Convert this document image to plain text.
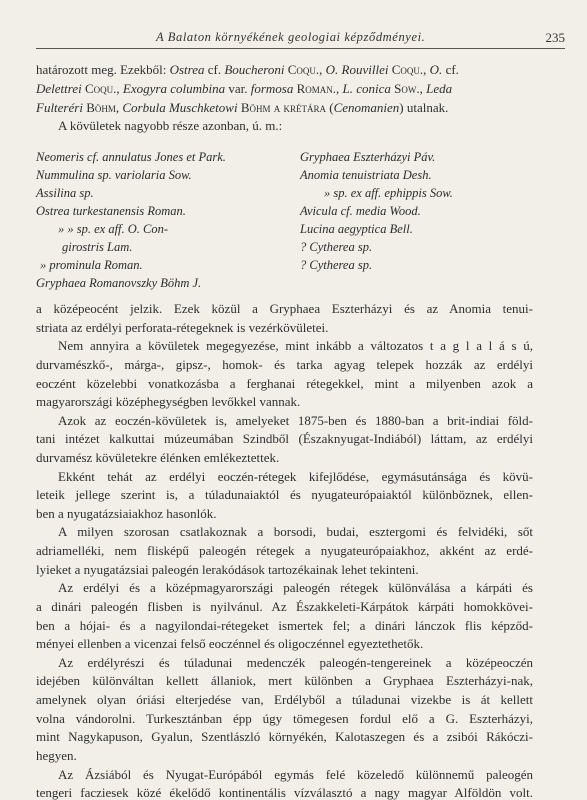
A Balaton környékének geologiai képződményei.	235
határozott meg. Ezekből: Ostrea cf. Boucheroni Coqu., O. Rouvillei Coqu., O. cf.
Delettrei Coqu., Exogyra columbina var. formosa Roman., L. conica Sow., Leda
Fulteréri Böhm, Corbula Muschketowi Böhm a krétára (Cenomanien) utalnak.
A kövületek nagyobb része azonban, ú. m.:
Neomeris cf. annulatus Jones et Park.
Nummulina sp. variolaria Sow.
Assilina sp.
Ostrea turkestanensis Roman.
» » sp. ex aff. O. Con-
girostris Lam.
» prominula Roman.
Gryphaea Romanovszky Böhm J.
Gryphaea Eszterházyi Páv.
Anomia tenuistriata Desh.
» sp. ex aff. ephippis Sow.
Avicula cf. media Wood.
Lucina aegyptica Bell.
? Cytherea sp.
? Cytherea sp.
a középeocént jelzik. Ezek közül a Gryphaea Eszterházyi és az Anomia tenui-
striata az erdélyi perforata-rétegeknek is vezérkövületei.
Nem annyira a kövületek megegyezése, mint inkább a változatos t a g l a l á s ú,
durvamészkő-, márga-, gipsz-, homok- és tarka agyag telepek hozzák az erdélyi
eoczént közelebbi vonatkozásba a ferghanai rétegekkel, mint a milyenben azok a
magyarországi középhegységben levőkkel vannak.
Azok az eoczén-kövületek is, amelyeket 1875-ben és 1880-ban a brit-indiai föld-
tani intézet kalkuttai múzeumában Szindből (Északnyugat-Indiából) láttam, az erdélyi
durvamész kövületekre élénken emlékeztettek.
Ekként tehát az erdélyi eoczén-rétegek kifejlődése, egymásutánsága és kövü-
leteik jellege szerint is, a túladunaiaktól és nyugateurópaiaktól különböznek, ellen-
ben a nyugatázsiaiakhoz hasonlók.
A milyen szorosan csatlakoznak a borsodi, budai, esztergomi és felvidéki, sőt
adriamelléki, nem flisképű paleogén rétegek a nyugateurópaiakhoz, akként az erdé-
lyieket a nyugatázsiai paleogén lerakódások tartozékainak lehet tekinteni.
Az erdélyi és a középmagyarországi paleogén rétegek különválása a kárpáti és
a dinári paleogén flisben is nyilvánul. Az Északkeleti-Kárpátok kárpáti homokkövei-
ben a hójai- és a nagyilondai-rétegeket ismertek fel; a dinári lánczok flis képződ-
ményei ellenben a vicenzai felső eoczénnel és oligoczénnel egyeztethetők.
Az erdélyrészi és túladunai medenczék paleogén-tengereinek a középeoczén
idejében különváltan kellett állaniok, mert különben a Gryphaea Eszterházyi-nak,
amelynek olyan óriási elterjedése van, Erdélyből a túladunai vizekbe is át kellett
volna vándorolni. Turkesztánban épp úgy tömegesen fordul elő a G. Eszterházyi,
mint Nagykapuson, Gyalun, Szentlászló környékén, Kalotaszegen és a zsibói Rákóczi-
hegyen.
Az Ázsiából és Nyugat-Európából egymás felé közeledő különnemű paleogén
tengeri facziesek közé ékelődő kontinentális vízválasztó a nagy magyar Alföldön volt.
